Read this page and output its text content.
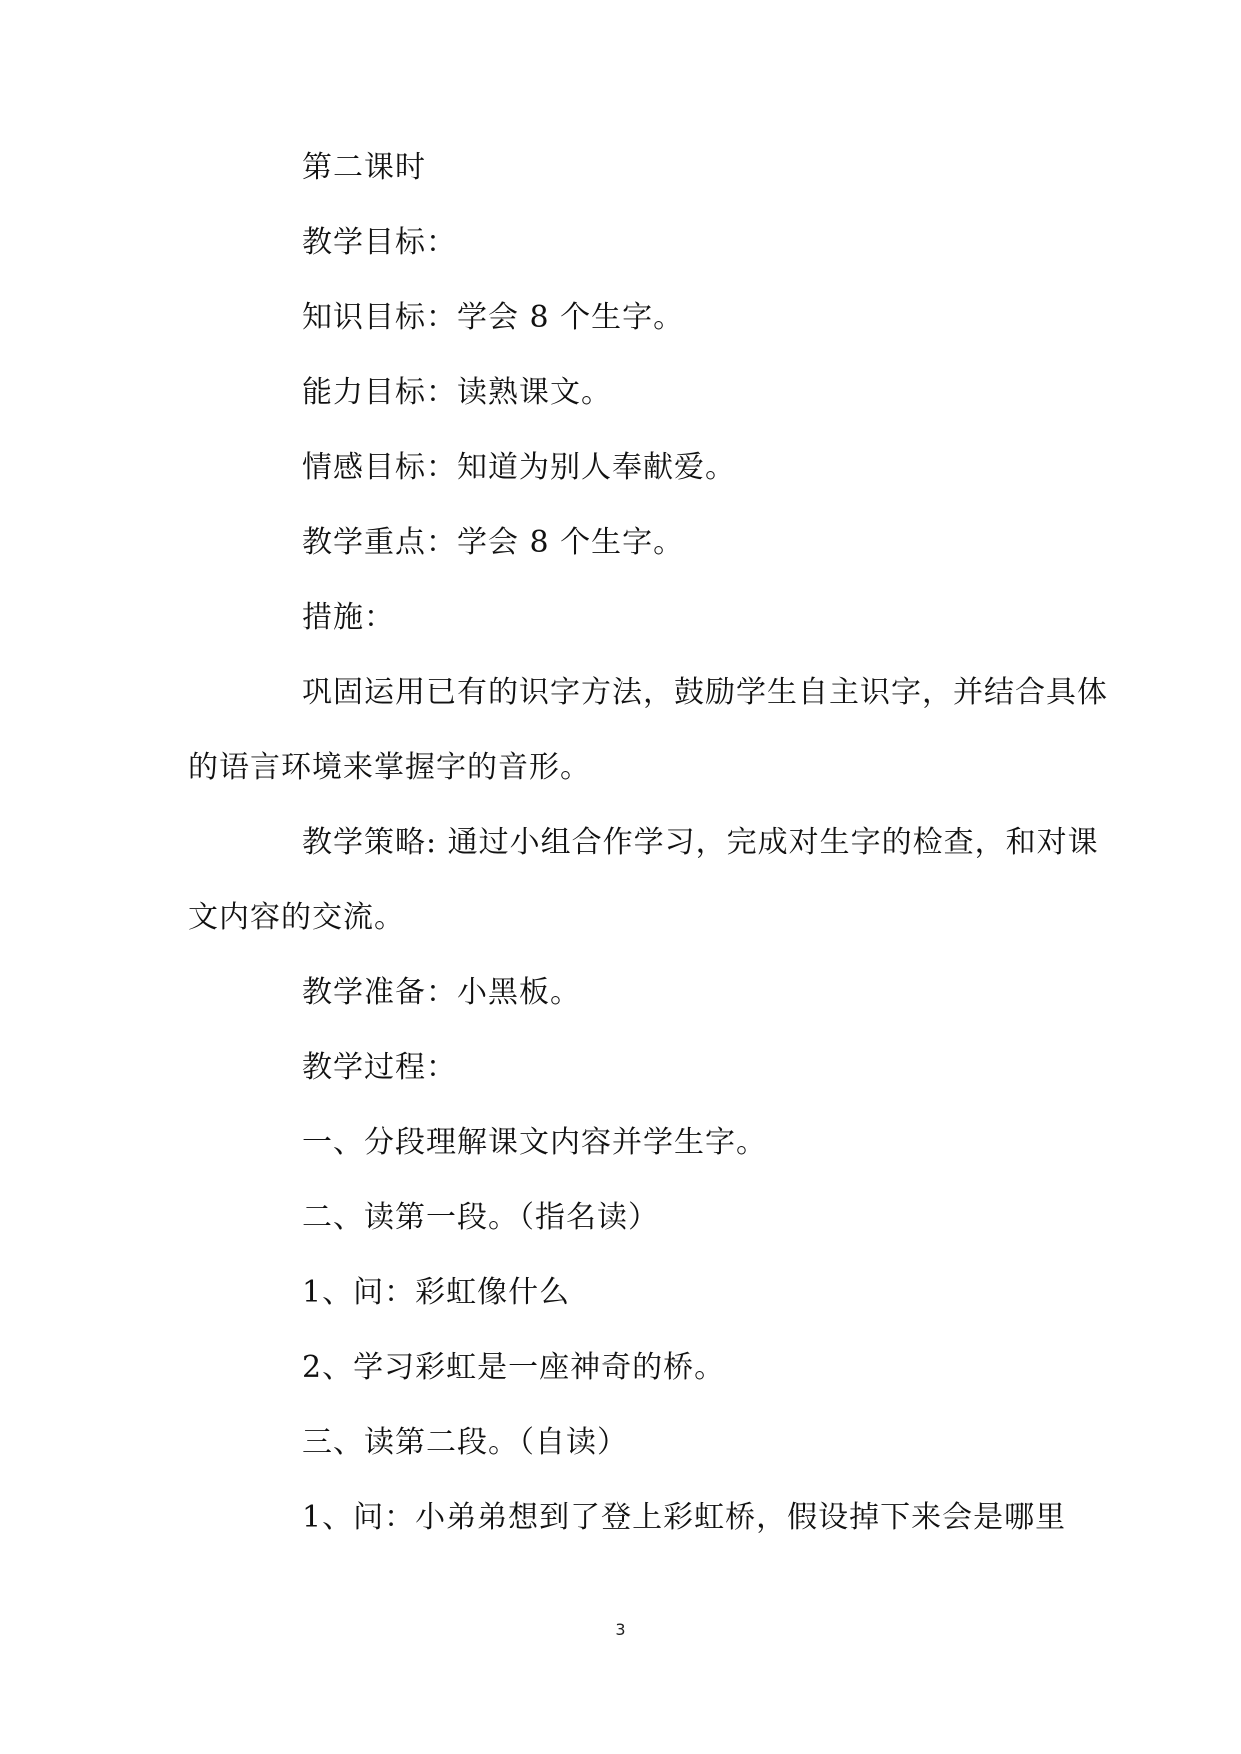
第二课时
教学目标：
知识目标：学会 8 个生字。
能力目标：读熟课文。
情感目标：知道为别人奉献爱。
教学重点：学会 8 个生字。
措施：
巩固运用已有的识字方法，鼓励学生自主识字，并结合具体
的语言环境来掌握字的音形。
教学策略: 通过小组合作学习，完成对生字的检查，和对课
文内容的交流。
教学准备：小黑板。
教学过程：
一、分段理解课文内容并学生字。
二、读第一段。（指名读）
1、问：彩虹像什么
2、学习彩虹是一座神奇的桥。
三、读第二段。（自读）
1、问：小弟弟想到了登上彩虹桥，假设掉下来会是哪里
3
